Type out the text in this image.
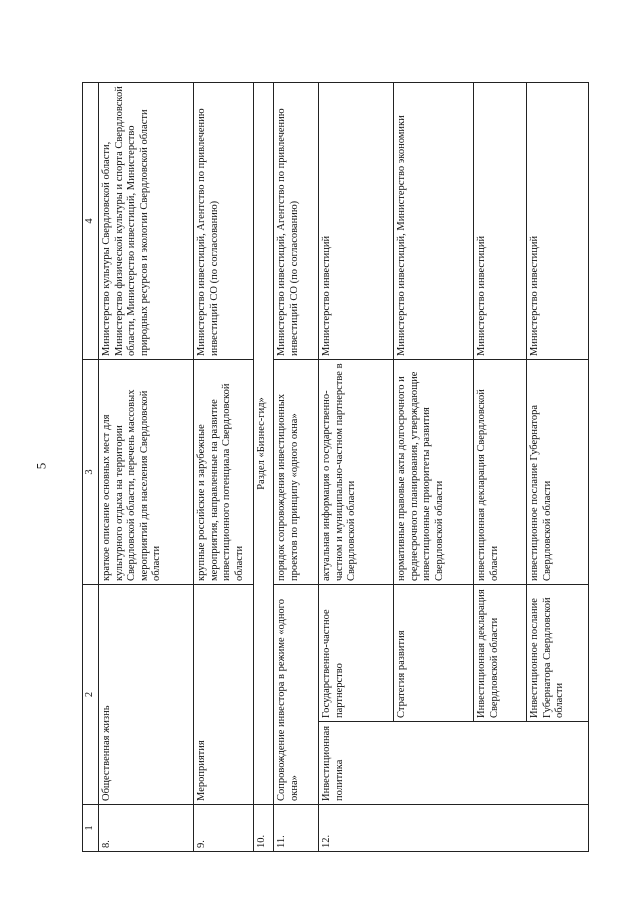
5
1	2		3	4
8.	Общественная жизнь		краткое описание основных мест для культурного отдыха на территории Свердловской области, перечень массовых мероприятий для населения Свердловской области	Министерство культуры Свердловской области, Министерство физической культуры и спорта Свердловской области, Министерство инвестиций, Министерство природных ресурсов и экологии Свердловской области
9.	Мероприятия		крупные российские и зарубежные мероприятия, направленные на развитие инвестиционного потенциала Свердловской области	Министерство инвестиций, Агентство по привлечению инвестиций СО (по согласованию)
10.	Раздел «Бизнес-гид»			
11.	Сопровождение инвестора в режиме «одного окна»		порядок сопровождения инвестиционных проектов по принципу «одного окна»	Министерство инвестиций, Агентство по привлечению инвестиций СО (по согласованию)
12.	Инвестиционная политика	Государственно-частное партнерство	актуальная информация о государственно-частном и муниципально-частном партнерстве в Свердловской области	Министерство инвестиций
		Стратегия развития	нормативные правовые акты долгосрочного и среднесрочного планирования, утверждающие инвестиционные приоритеты развития Свердловской области	Министерство инвестиций, Министерство экономики
		Инвестиционная декларация Свердловской области	инвестиционная декларация Свердловской области	Министерство инвестиций
		Инвестиционное послание Губернатора Свердловской области	инвестиционное послание Губернатора Свердловской области	Министерство инвестиций
